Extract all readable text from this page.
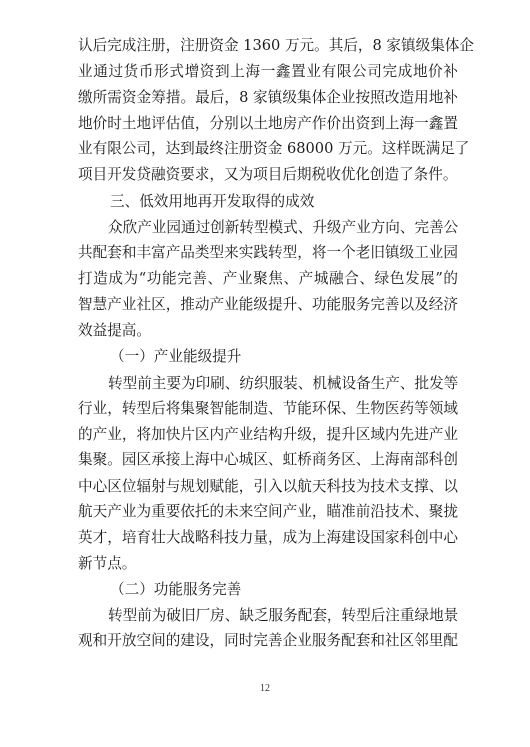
认后完成注册，注册资金 1360 万元。其后，8 家镇级集体企
业通过货币形式增资到上海一鑫置业有限公司完成地价补
缴所需资金筹措。最后，8 家镇级集体企业按照改造用地补
地价时土地评估值，分别以土地房产作价出资到上海一鑫置
业有限公司，达到最终注册资金 68000 万元。这样既满足了
项目开发贷融资要求，又为项目后期税收优化创造了条件。
三、低效用地再开发取得的成效
众欣产业园通过创新转型模式、升级产业方向、完善公
共配套和丰富产品类型来实践转型，将一个老旧镇级工业园
打造成为“功能完善、产业聚焦、产城融合、绿色发展”的
智慧产业社区，推动产业能级提升、功能服务完善以及经济
效益提高。
（一）产业能级提升
转型前主要为印刷、纺织服装、机械设备生产、批发等
行业，转型后将集聚智能制造、节能环保、生物医药等领域
的产业，将加快片区内产业结构升级，提升区域内先进产业
集聚。园区承接上海中心城区、虹桥商务区、上海南部科创
中心区位辐射与规划赋能，引入以航天科技为技术支撑、以
航天产业为重要依托的未来空间产业，瞄准前沿技术、聚拢
英才，培育壮大战略科技力量，成为上海建设国家科创中心
新节点。
12
（二）功能服务完善
转型前为破旧厂房、缺乏服务配套，转型后注重绿地景
观和开放空间的建设，同时完善企业服务配套和社区邻里配
